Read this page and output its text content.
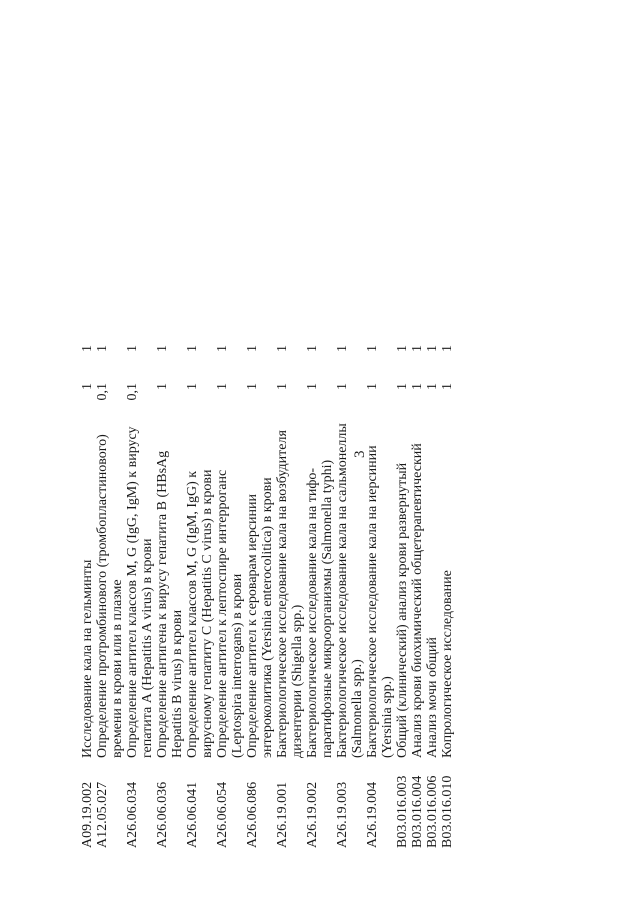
3
A09.19.002
Исследование кала на гельминты
1
1
A12.05.027
Определение протромбинового (тромбопластинового) времени в крови или в плазме
0,1
1
A26.06.034
Определение антител классов M, G (IgG, IgM) к вирусу гепатита A (Hepatitis A virus) в крови
0,1
1
A26.06.036
Определение антигена к вирусу гепатита B (HBsAg Hepatitis B virus) в крови
1
1
A26.06.041
Определение антител классов M, G (IgM, IgG) к вирусному гепатиту C (Hepatitis C virus) в крови
1
1
A26.06.054
Определение антител к лептоспире интерроганс (Leptospira interrogans) в крови
1
1
A26.06.086
Определение антител к сероварам иерсинии энтероколитика (Yersinia enterocolitica) в крови
1
1
A26.19.001
Бактериологическое исследование кала на возбудителя дизентерии (Shigella spp.)
1
1
A26.19.002
Бактериологическое исследование кала на тифо-паратифозные микроорганизмы (Salmonella typhi)
1
1
A26.19.003
Бактериологическое исследование кала на сальмонеллы (Salmonella spp.)
1
1
A26.19.004
Бактериологическое исследование кала на иерсинии (Yersinia spp.)
1
1
B03.016.003
Общий (клинический) анализ крови развернутый
1
1
B03.016.004
Анализ крови биохимический общетерапевтический
1
1
B03.016.006
Анализ мочи общий
1
1
B03.016.010
Копрологическое исследование
1
1
